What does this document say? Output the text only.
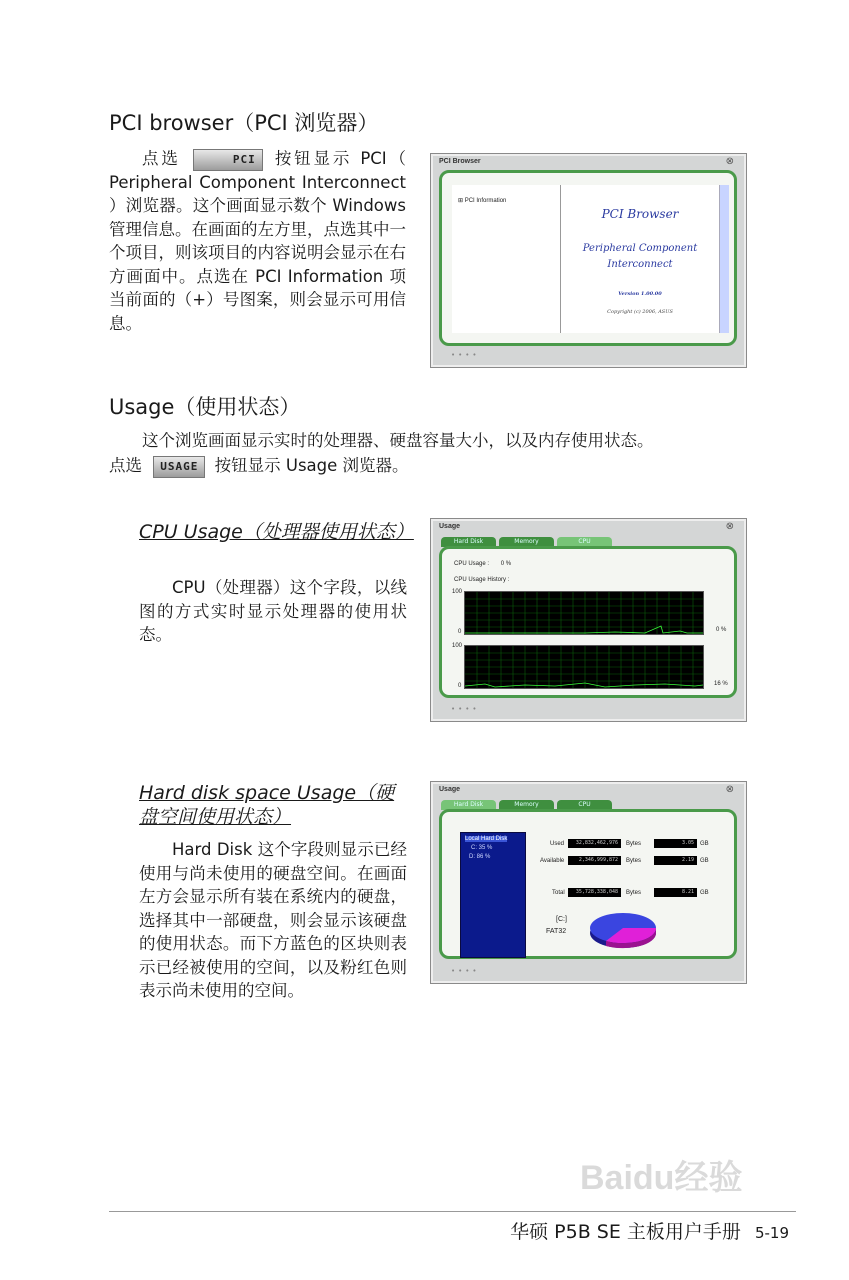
PCI browser（PCI 浏览器）

点选	PCI 按钮显示 PCI（ Peripheral Component Interconnect ）浏览器。这个画面显示数个 Windows 管理信息。在画面的左方里，点选其中一个项目，则该项目的内容说明会显示在右方画面中。点选在 PCI Information 项当前面的（+）号图案，则会显示可用信息。

PCI Browser	⊗
⊞ PCI Information
PCI Browser
Peripheral Component
Interconnect
Version 1.00.00
Copyright (c) 2006, ASUS
••••
Usage（使用状态）

这个浏览画面显示实时的处理器、硬盘容量大小，以及内存使用状态。

点选 USAGE 按钮显示 Usage 浏览器。

CPU Usage（处理器使用状态）

CPU（处理器）这个字段，以线图的方式实时显示处理器的使用状态。

Usage	⊗
Hard Disk	Memory	CPU
CPU Usage : 0 %
CPU Usage History :
100
0	0 %
100
0	16 %
••••
Hard disk space Usage（硬盘空间使用状态）

Hard Disk 这个字段则显示已经使用与尚未使用的硬盘空间。在画面左方会显示所有装在系统内的硬盘，选择其中一部硬盘，则会显示该硬盘的使用状态。而下方蓝色的区块则表示已经被使用的空间，以及粉红色则表示尚未使用的空间。

Usage	⊗
Hard Disk	Memory	CPU
Local Hard Disk
C: 35 %
D: 86 %
Used	32,832,462,976	Bytes	3.05	GB
Available	2,346,999,872	Bytes	2.19	GB
Total	35,728,338,048	Bytes	8.21	GB
[C:]
FAT32
••••
Baidu经验
华硕 P5B SE 主板用户手册 5-19
